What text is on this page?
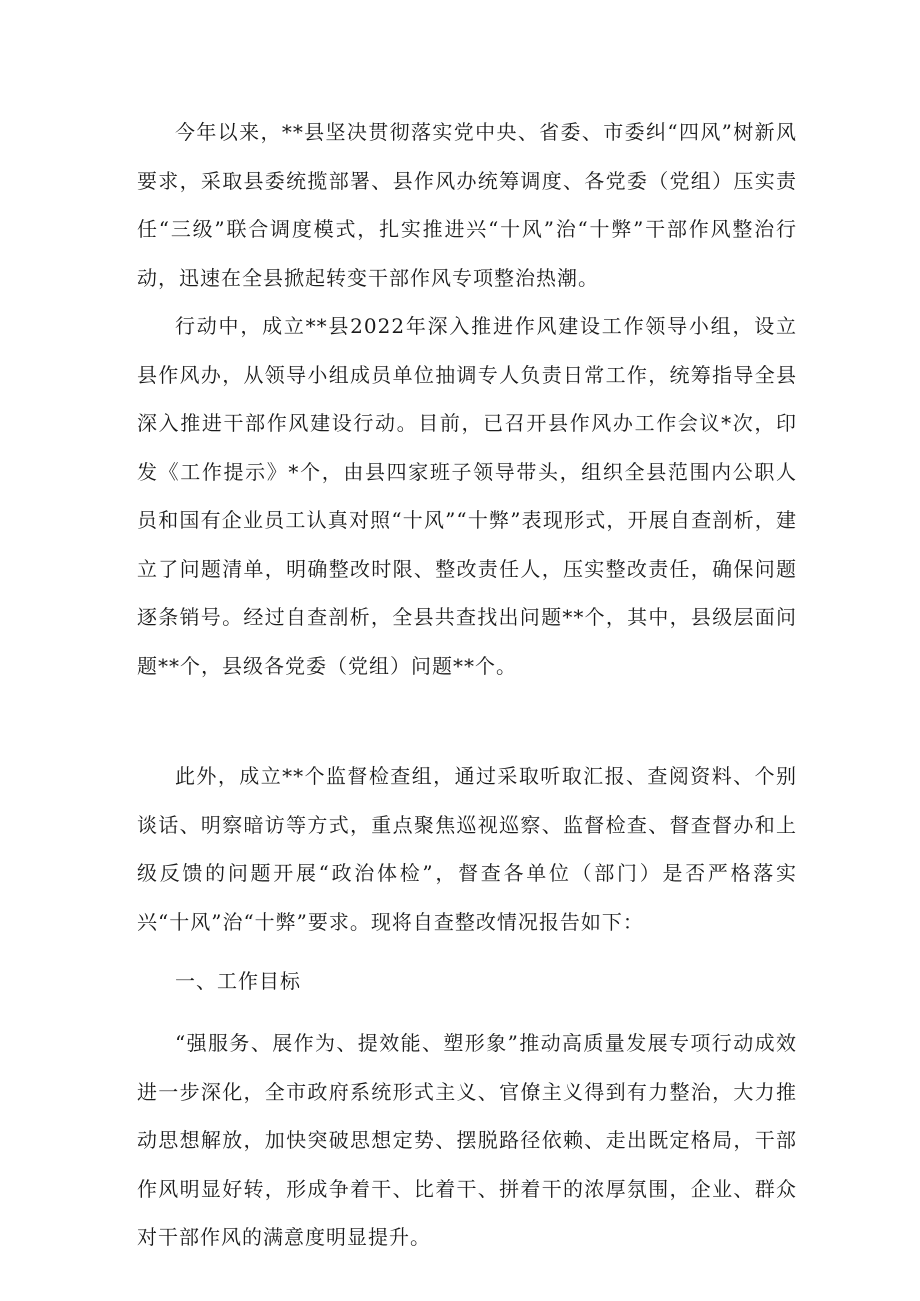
今年以来，**县坚决贯彻落实党中央、省委、市委纠“四风”树新风要求，采取县委统揽部署、县作风办统筹调度、各党委（党组）压实责任“三级”联合调度模式，扎实推进兴“十风”治“十弊”干部作风整治行动，迅速在全县掀起转变干部作风专项整治热潮。

行动中，成立**县2022年深入推进作风建设工作领导小组，设立县作风办，从领导小组成员单位抽调专人负责日常工作，统筹指导全县深入推进干部作风建设行动。目前，已召开县作风办工作会议*次，印发《工作提示》*个，由县四家班子领导带头，组织全县范围内公职人员和国有企业员工认真对照“十风”“十弊”表现形式，开展自查剖析，建立了问题清单，明确整改时限、整改责任人，压实整改责任，确保问题逐条销号。经过自查剖析，全县共查找出问题**个，其中，县级层面问题**个，县级各党委（党组）问题**个。

此外，成立**个监督检查组，通过采取听取汇报、查阅资料、个别谈话、明察暗访等方式，重点聚焦巡视巡察、监督检查、督查督办和上级反馈的问题开展“政治体检”，督查各单位（部门）是否严格落实兴“十风”治“十弊”要求。现将自查整改情况报告如下：

一、工作目标

“强服务、展作为、提效能、塑形象”推动高质量发展专项行动成效进一步深化，全市政府系统形式主义、官僚主义得到有力整治，大力推动思想解放，加快突破思想定势、摆脱路径依赖、走出既定格局，干部作风明显好转，形成争着干、比着干、拼着干的浓厚氛围，企业、群众对干部作风的满意度明显提升。
